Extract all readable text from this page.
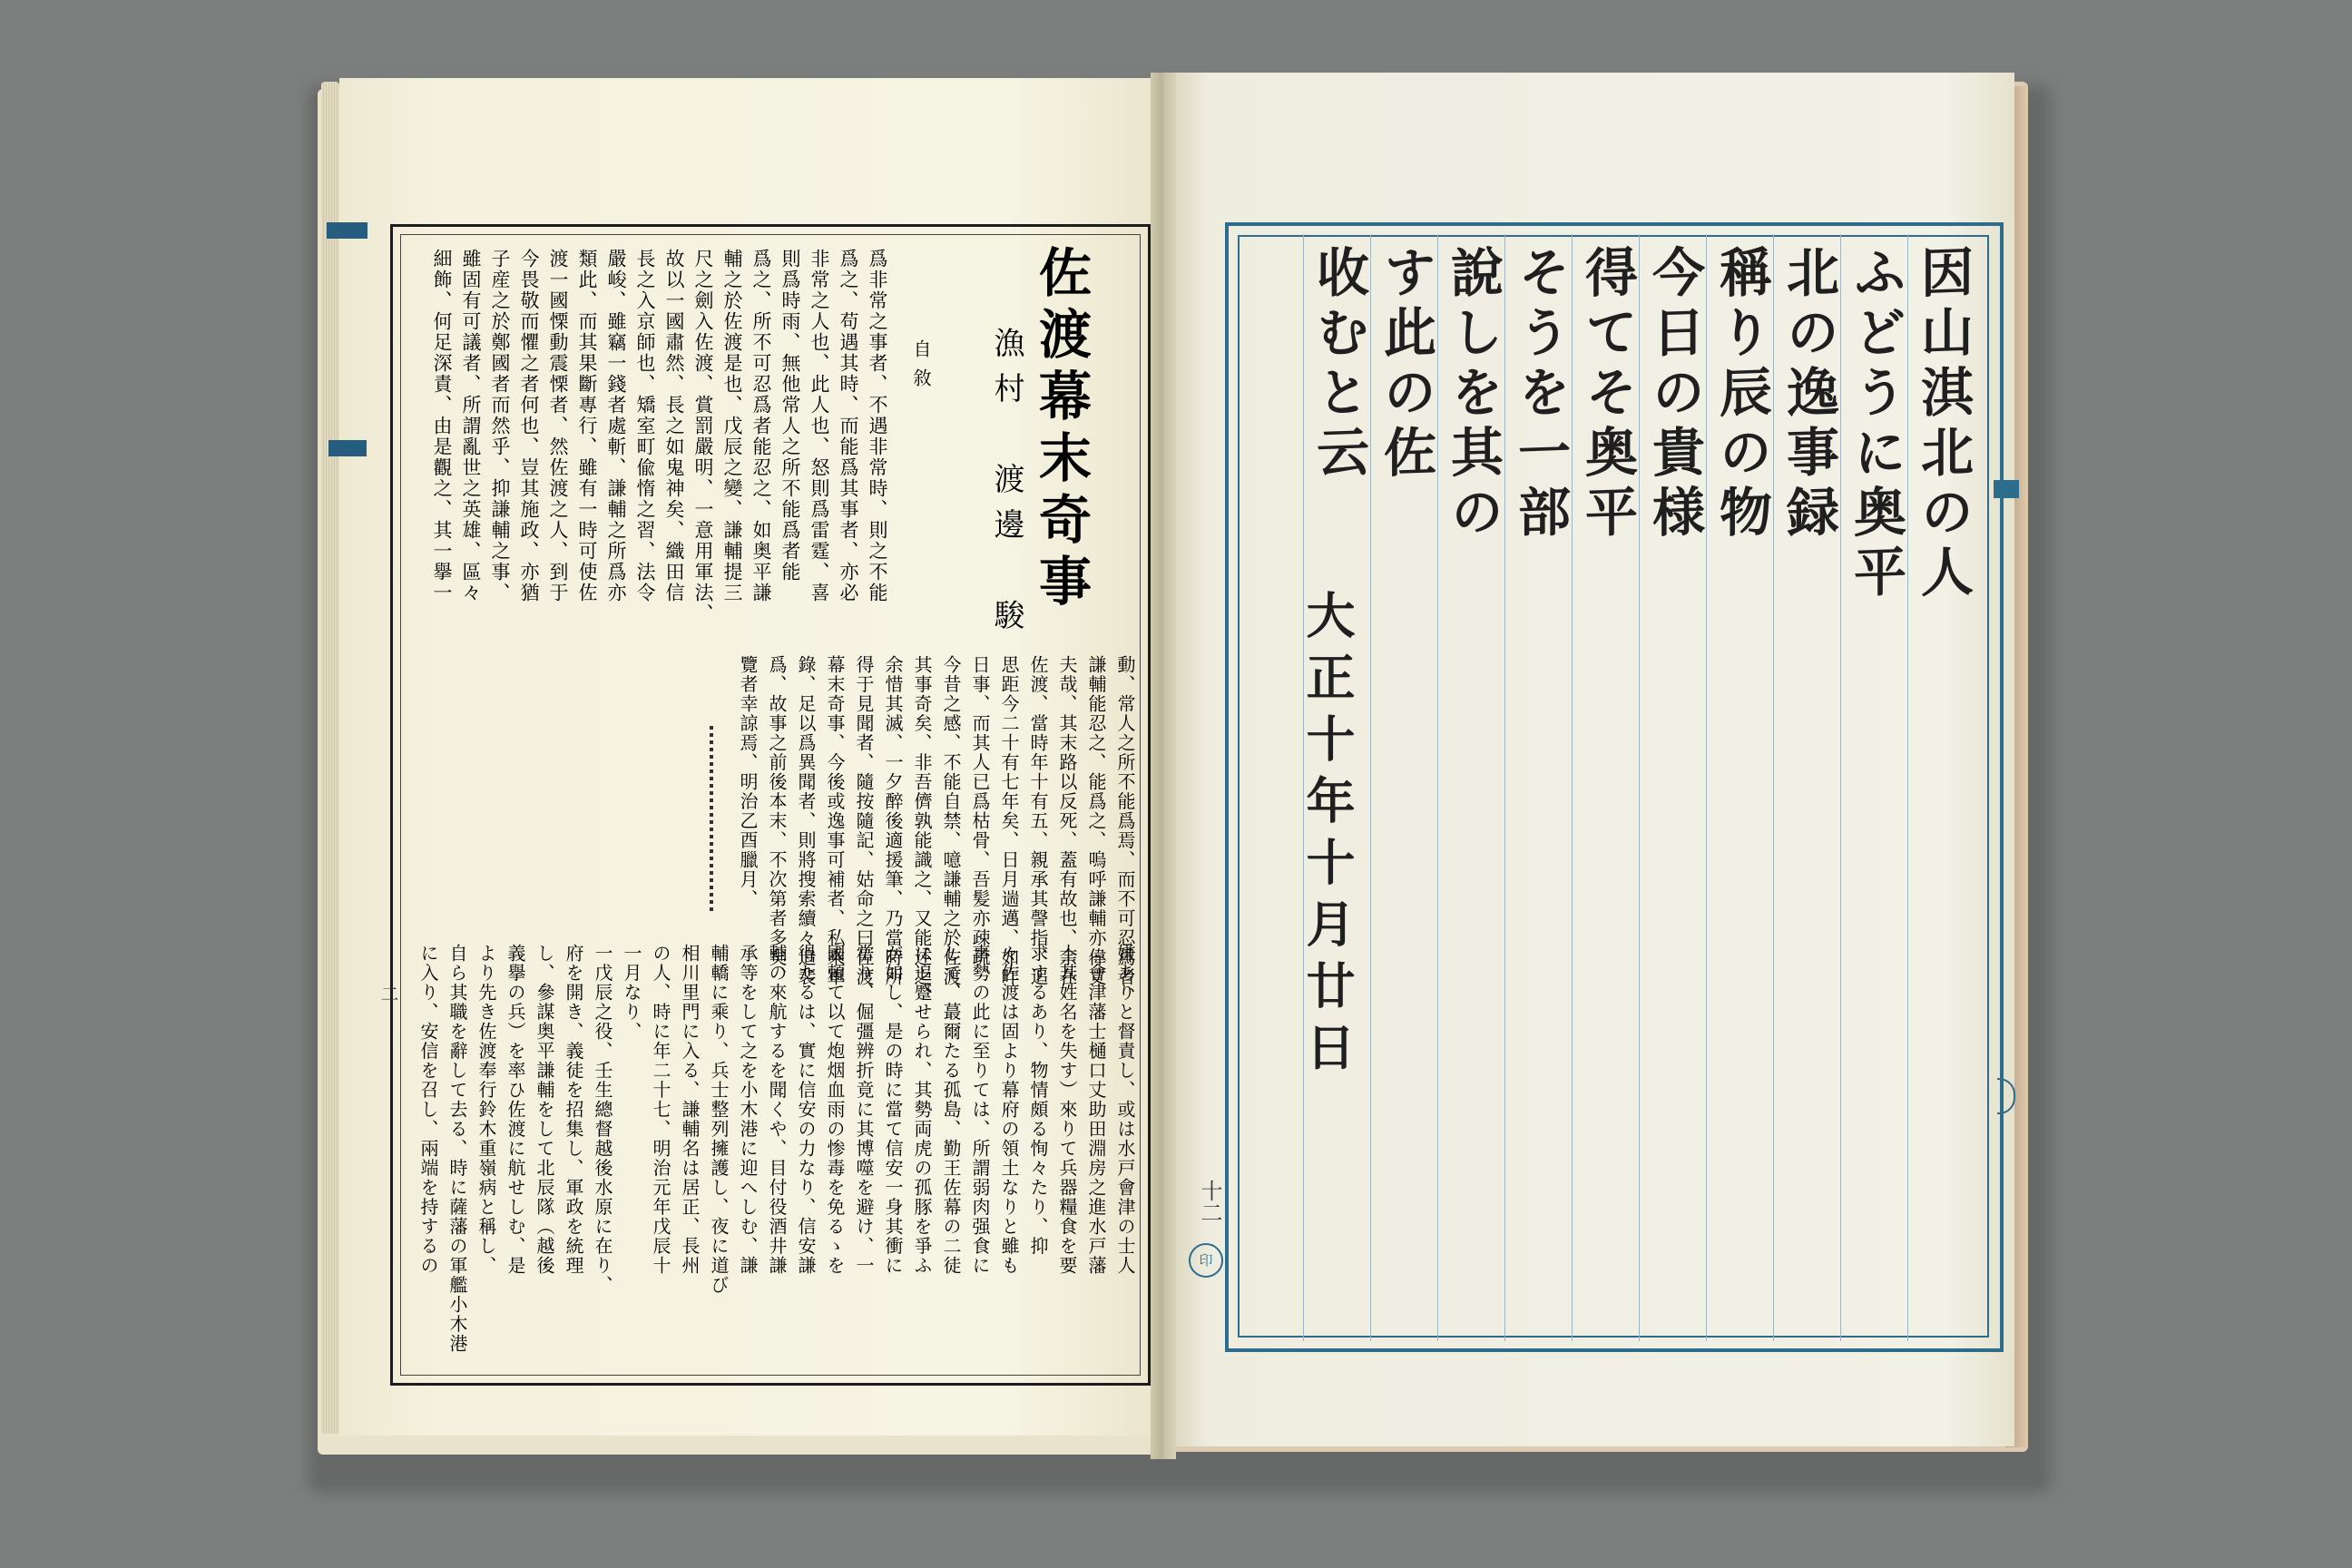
佐渡幕末奇事
漁村　渡邊　駿
自敘
爲非常之事者、不遇非常時、則之不能
爲之、苟遇其時、而能爲其事者、亦必
非常之人也、此人也、怒則爲雷霆、喜
則爲時雨、無他常人之所不能爲者能
爲之、所不可忍爲者能忍之、如奥平謙
輔之於佐渡是也、戊辰之變、謙輔提三
尺之劍入佐渡、賞罰嚴明、一意用軍法、
故以一國肅然、長之如鬼神矣、織田信
長之入京師也、矯室町偸惰之習、法令
嚴峻、雖竊一錢者處斬、謙輔之所爲亦
類此、而其果斷專行、雖有一時可使佐
渡一國慄動震慄者、然佐渡之人、到于
今畏敬而懼之者何也、豈其施政、亦猶
子産之於鄭國者而然乎、抑謙輔之事、
雖固有可議者、所謂亂世之英雄、區々
細飾、何足深責、由是觀之、其一擧一
動、常人之所不能爲焉、而不可忍爲者、
謙輔能忍之、能爲之、嗚呼謙輔亦偉丈
夫哉、其末路以反死、蓋有故也、余在
佐渡、當時年十有五、親承其謦指、追
思距今二十有七年矣、日月遄邁、如昨
日事、而其人已爲枯骨、吾髪亦疎疏、
今昔之感、不能自禁、噫謙輔之於佐渡
其事奇矣、非吾儕孰能識之、又能述之、
余惜其滅、一夕醉後適援筆、乃當時所
得于見聞者、隨按隨記、姑命之曰佐渡
幕末奇事、今後或逸事可補者、私乘軍
錄、足以爲異聞者、則將搜索續々追裴
爲、故事之前後本末、不次第者多矣、
覽者幸諒焉、明治乙酉臘月、
嫌ありと督責し、或は水戸會津の士人
（會津藩士樋口丈助田淵房之進水戸藩
士其姓名を失す）來りて兵器糧食を要
求するあり、物情頗る恂々たり、抑
々佐渡は固より幕府の領土なりと雖も
事勢の此に至りては、所謂弱肉强食に
して、蕞爾たる孤島、勤王佐幕の二徒
に追蹙せられ、其勢両虎の孤豚を爭ふ
が如し、是の時に當て信安一身其衝に
當り、倔彊辨折竟に其博噬を避け、一
國頼て以て炮烟血雨の惨毒を免るゝを
得たるは、實に信安の力なり、信安謙
輔の來航するを聞くや、目付役酒井謙
承等をして之を小木港に迎へしむ、謙
輔轎に乘り、兵士整列擁護し、夜に道び
相川里門に入る、謙輔名は居正、長州
の人、時に年二十七、明治元年戊辰十
一月なり、
一戊辰之役、壬生總督越後水原に在り、
府を開き、義徒を招集し、軍政を統理
し、參謀奥平謙輔をして北辰隊（越後
義擧の兵）を率ひ佐渡に航せしむ、是
より先き佐渡奉行鈴木重嶺病と稱し、
自ら其職を辭して去る、時に薩藩の軍艦小木港
に入り、安信を召し、兩端を持するの
二
因山淇北の人
ふどうに奥平
北の逸事録
稱り辰の物
今日の貴様
得てそ奥平
そうを一部
說しを其の
す此の佐
收むと云
大正十年十月廿日
十二
印
